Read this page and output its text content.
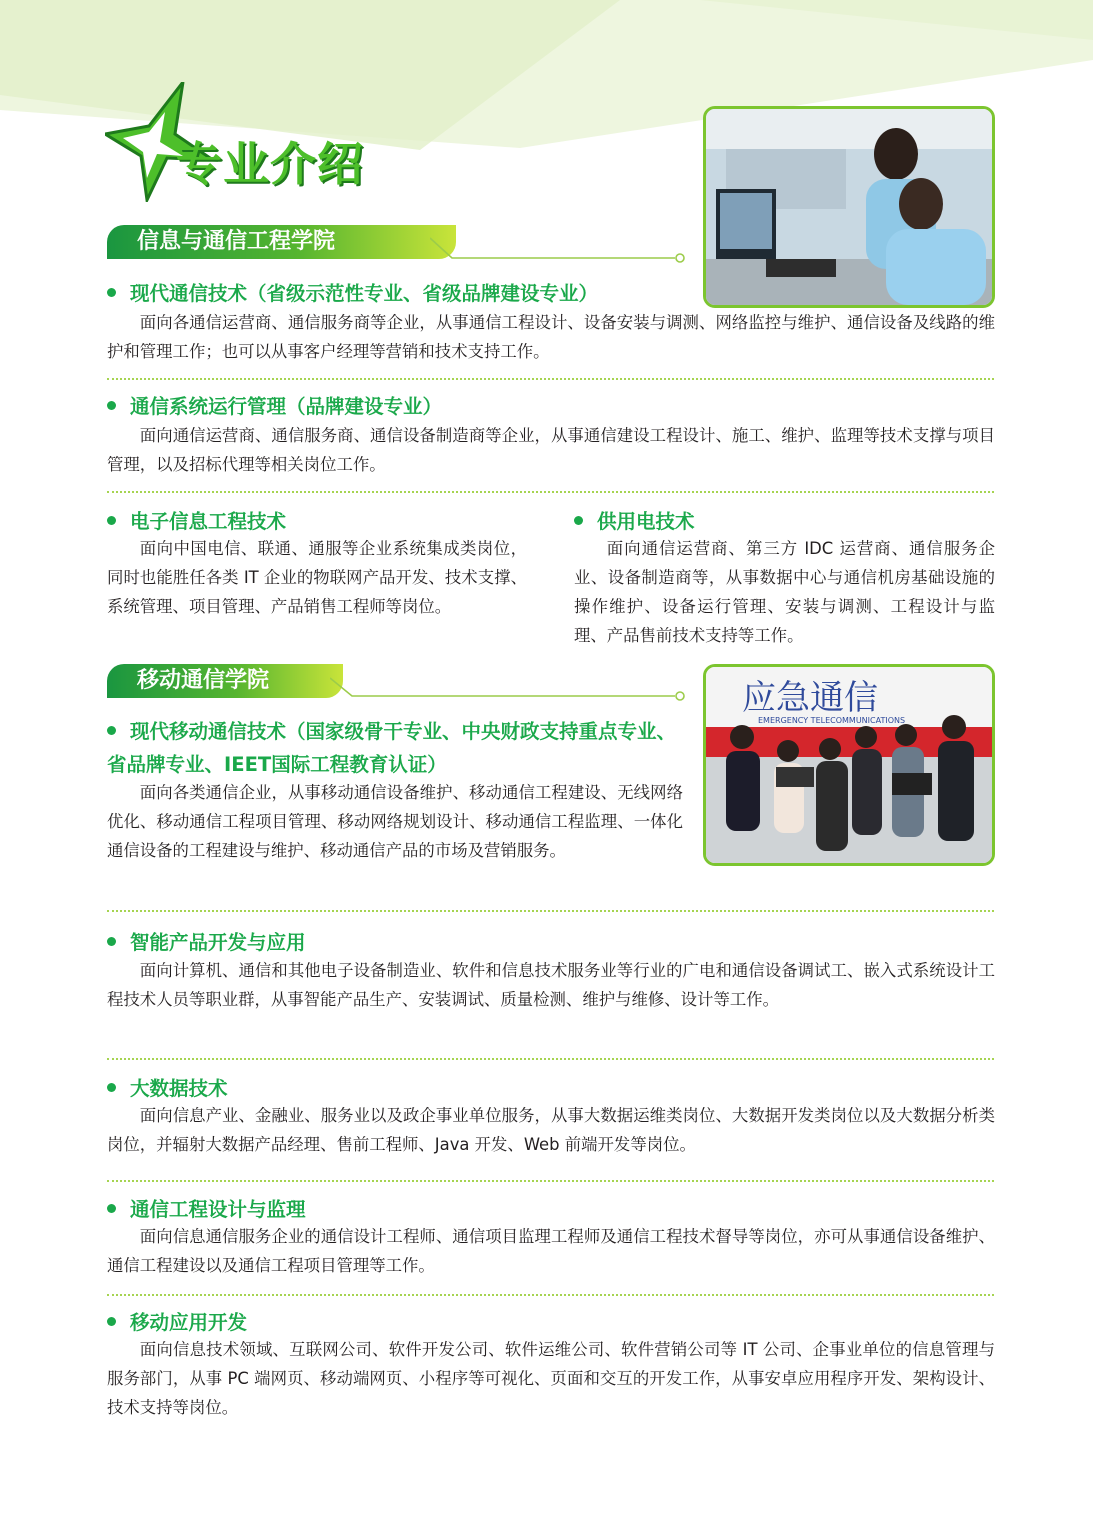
专业介绍
信息与通信工程学院
现代通信技术（省级示范性专业、省级品牌建设专业）
面向各通信运营商、通信服务商等企业，从事通信工程设计、设备安装与调测、网络监控与维护、通信设备及线路的维护和管理工作；也可以从事客户经理等营销和技术支持工作。
通信系统运行管理（品牌建设专业）
面向通信运营商、通信服务商、通信设备制造商等企业，从事通信建设工程设计、施工、维护、监理等技术支撑与项目管理，以及招标代理等相关岗位工作。
电子信息工程技术
面向中国电信、联通、通服等企业系统集成类岗位，同时也能胜任各类 IT 企业的物联网产品开发、技术支撑、系统管理、项目管理、产品销售工程师等岗位。
供用电技术
面向通信运营商、第三方 IDC 运营商、通信服务企业、设备制造商等，从事数据中心与通信机房基础设施的操作维护、设备运行管理、安装与调测、工程设计与监理、产品售前技术支持等工作。
移动通信学院	应急通信
EMERGENCY TELECOMMUNICATIONS
现代移动通信技术（国家级骨干专业、中央财政支持重点专业、省品牌专业、IEET国际工程教育认证）
面向各类通信企业，从事移动通信设备维护、移动通信工程建设、无线网络优化、移动通信工程项目管理、移动网络规划设计、移动通信工程监理、一体化通信设备的工程建设与维护、移动通信产品的市场及营销服务。
智能产品开发与应用
面向计算机、通信和其他电子设备制造业、软件和信息技术服务业等行业的广电和通信设备调试工、嵌入式系统设计工程技术人员等职业群，从事智能产品生产、安装调试、质量检测、维护与维修、设计等工作。
大数据技术
面向信息产业、金融业、服务业以及政企事业单位服务，从事大数据运维类岗位、大数据开发类岗位以及大数据分析类岗位，并辐射大数据产品经理、售前工程师、Java 开发、Web 前端开发等岗位。
通信工程设计与监理
面向信息通信服务企业的通信设计工程师、通信项目监理工程师及通信工程技术督导等岗位，亦可从事通信设备维护、通信工程建设以及通信工程项目管理等工作。
移动应用开发
面向信息技术领域、互联网公司、软件开发公司、软件运维公司、软件营销公司等 IT 公司、企事业单位的信息管理与服务部门，从事 PC 端网页、移动端网页、小程序等可视化、页面和交互的开发工作，从事安卓应用程序开发、架构设计、技术支持等岗位。
